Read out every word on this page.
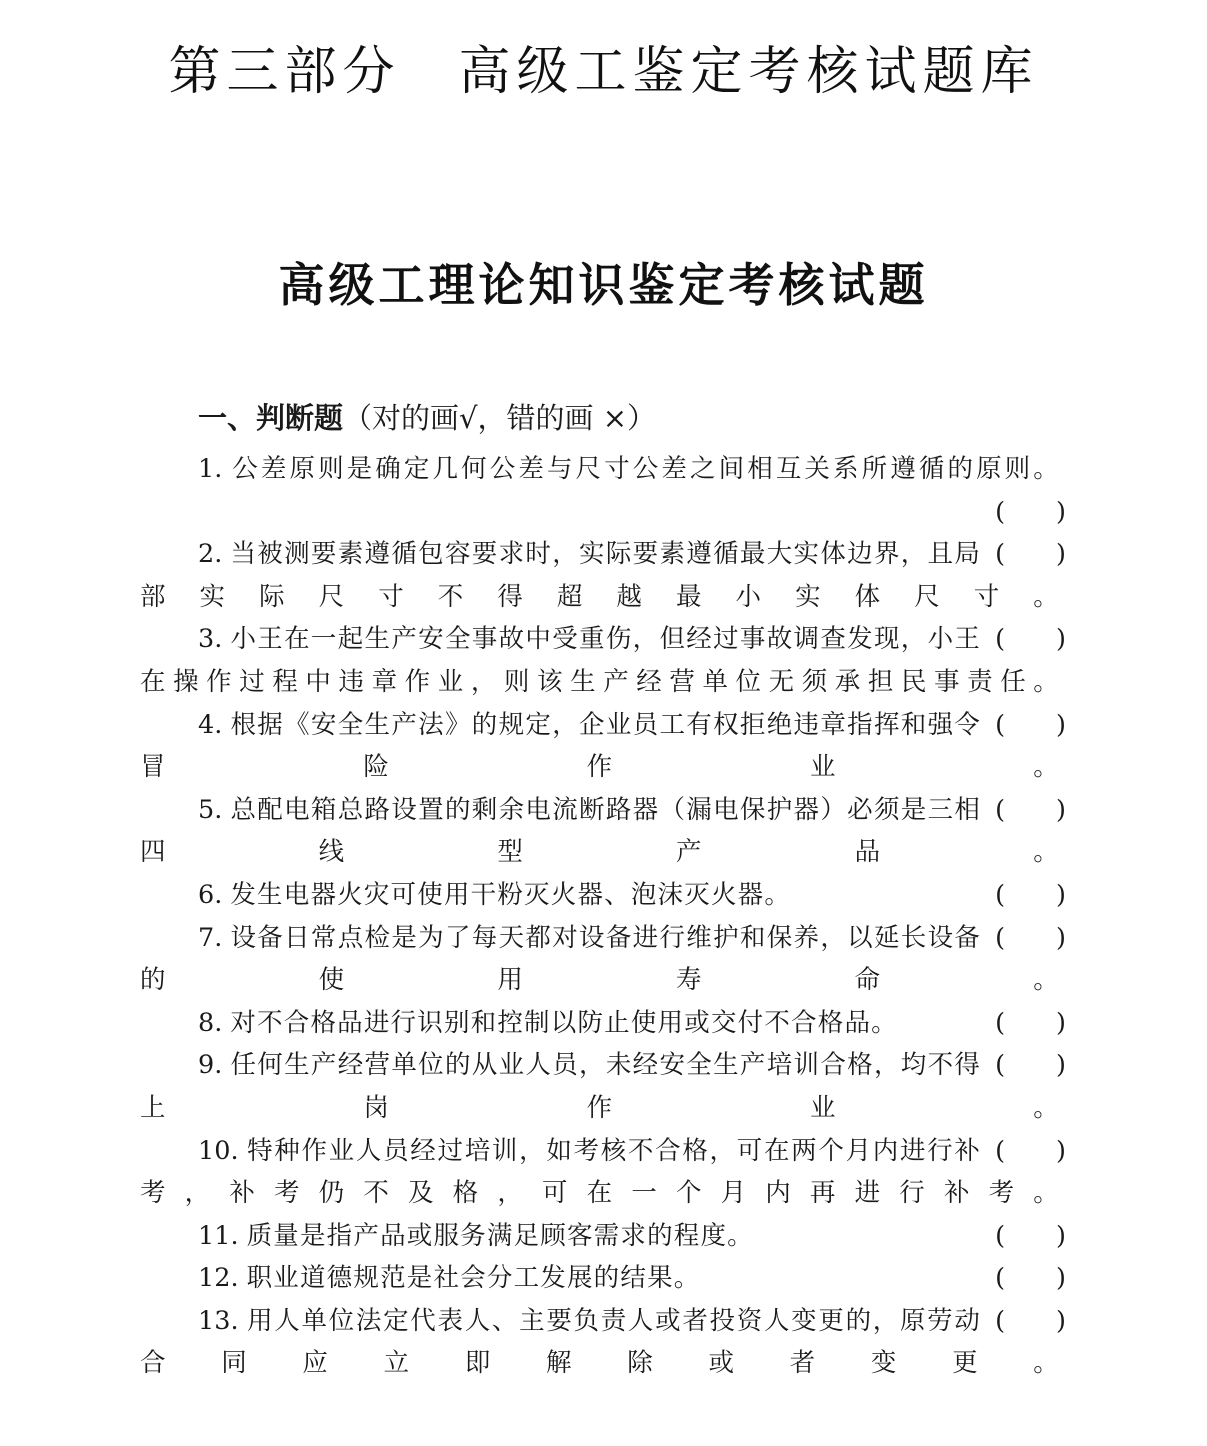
第三部分　高级工鉴定考核试题库
高级工理论知识鉴定考核试题
一、判断题（对的画√，错的画 ×）

1. 公差原则是确定几何公差与尺寸公差之间相互关系所遵循的原则。

(　　)

(　　)
2. 当被测要素遵循包容要求时，实际要素遵循最大实体边界，且局部实际尺寸不得超越最小实体尺寸。

(　　)
3. 小王在一起生产安全事故中受重伤，但经过事故调查发现，小王在操作过程中违章作业，则该生产经营单位无须承担民事责任。

(　　)
4. 根据《安全生产法》的规定，企业员工有权拒绝违章指挥和强令冒险作业。

(　　)
5. 总配电箱总路设置的剩余电流断路器（漏电保护器）必须是三相四线型产品。

(　　)
6. 发生电器火灾可使用干粉灭火器、泡沫灭火器。

(　　)
7. 设备日常点检是为了每天都对设备进行维护和保养，以延长设备的使用寿命。

(　　)
8. 对不合格品进行识别和控制以防止使用或交付不合格品。

(　　)
9. 任何生产经营单位的从业人员，未经安全生产培训合格，均不得上岗作业。

(　　)
10. 特种作业人员经过培训，如考核不合格，可在两个月内进行补考，补考仍不及格，可在一个月内再进行补考。

(　　)
11. 质量是指产品或服务满足顾客需求的程度。

(　　)
12. 职业道德规范是社会分工发展的结果。

(　　)
13. 用人单位法定代表人、主要负责人或者投资人变更的，原劳动合同应立即解除或者变更。
